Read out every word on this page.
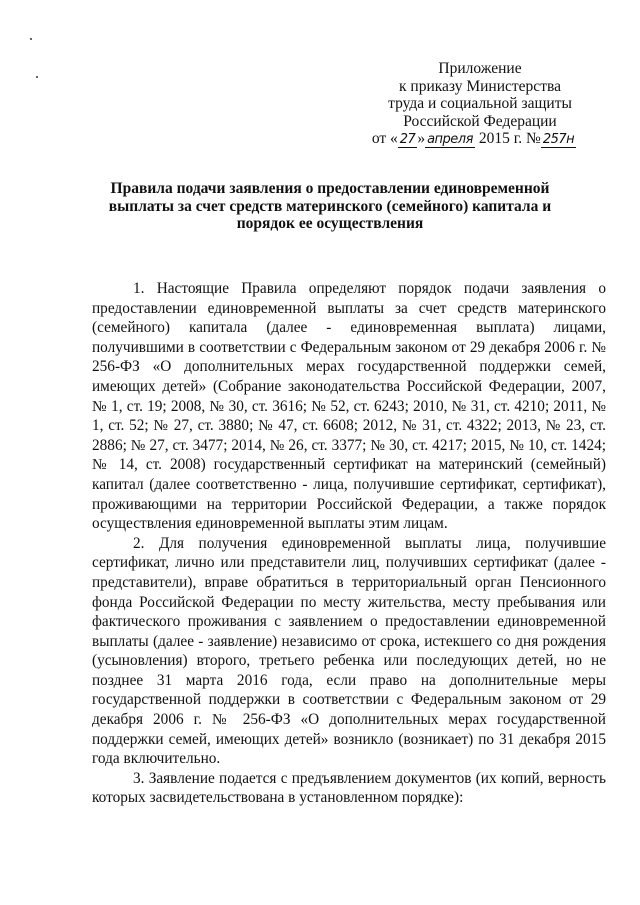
Приложение
к приказу Министерства
труда и социальной защиты
Российской Федерации
от « 27 » апреля 2015 г. № 257н
Правила подачи заявления о предоставлении единовременной выплаты за счет средств материнского (семейного) капитала и порядок ее осуществления

1. Настоящие Правила определяют порядок подачи заявления о предоставлении единовременной выплаты за счет средств материнского (семейного) капитала (далее - единовременная выплата) лицами, получившими в соответствии с Федеральным законом от 29 декабря 2006 г. № 256-ФЗ «О дополнительных мерах государственной поддержки семей, имеющих детей» (Собрание законодательства Российской Федерации, 2007, № 1, ст. 19; 2008, № 30, ст. 3616; № 52, ст. 6243; 2010, № 31, ст. 4210; 2011, № 1, ст. 52; № 27, ст. 3880; № 47, ст. 6608; 2012, № 31, ст. 4322; 2013, № 23, ст. 2886; № 27, ст. 3477; 2014, № 26, ст. 3377; № 30, ст. 4217; 2015, № 10, ст. 1424; № 14, ст. 2008) государственный сертификат на материнский (семейный) капитал (далее соответственно - лица, получившие сертификат, сертификат), проживающими на территории Российской Федерации, а также порядок осуществления единовременной выплаты этим лицам.

2. Для получения единовременной выплаты лица, получившие сертификат, лично или представители лиц, получивших сертификат (далее - представители), вправе обратиться в территориальный орган Пенсионного фонда Российской Федерации по месту жительства, месту пребывания или фактического проживания с заявлением о предоставлении единовременной выплаты (далее - заявление) независимо от срока, истекшего со дня рождения (усыновления) второго, третьего ребенка или последующих детей, но не позднее 31 марта 2016 года, если право на дополнительные меры государственной поддержки в соответствии с Федеральным законом от 29 декабря 2006 г. № 256-ФЗ «О дополнительных мерах государственной поддержки семей, имеющих детей» возникло (возникает) по 31 декабря 2015 года включительно.

3. Заявление подается с предъявлением документов (их копий, верность которых засвидетельствована в установленном порядке):
